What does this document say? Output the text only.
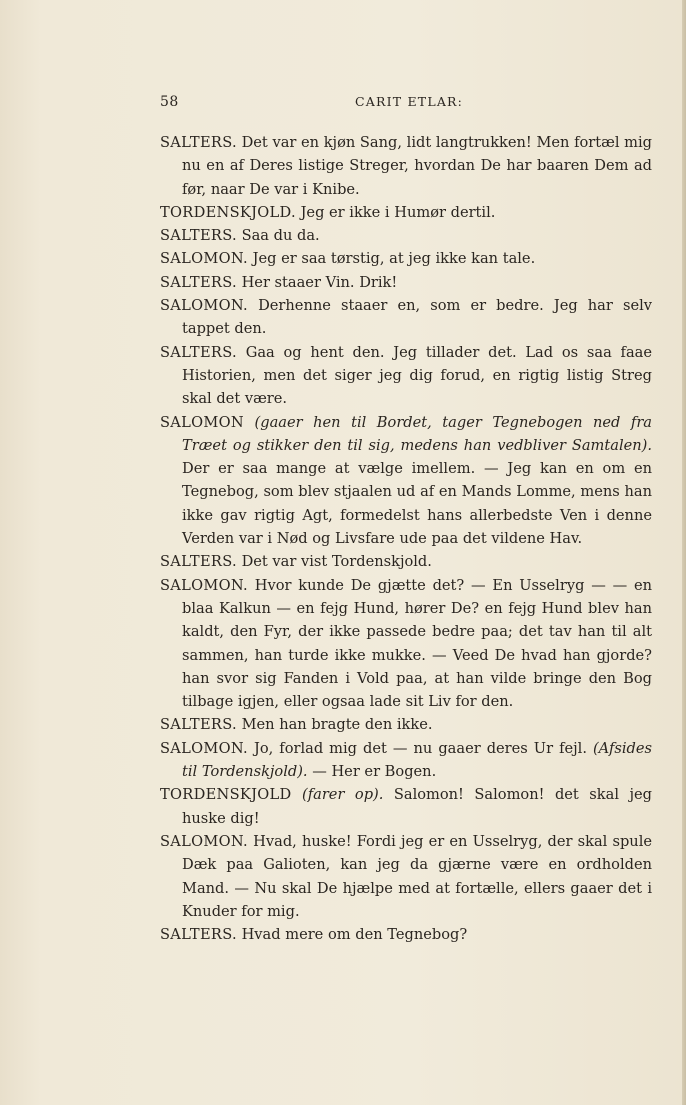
58	CARIT ETLAR:

SALTERS. Det var en kjøn Sang, lidt langtrukken! Men fortæl mig nu en af Deres listige Streger, hvordan De har baaren Dem ad før, naar De var i Knibe.

TORDENSKJOLD. Jeg er ikke i Humør dertil.

SALTERS. Saa du da.

SALOMON. Jeg er saa tørstig, at jeg ikke kan tale.

SALTERS. Her staaer Vin. Drik!

SALOMON. Derhenne staaer en, som er bedre. Jeg har selv tappet den.

SALTERS. Gaa og hent den. Jeg tillader det. Lad os saa faae Historien, men det siger jeg dig forud, en rigtig listig Streg skal det være.

SALOMON (gaaer hen til Bordet, tager Tegnebogen ned fra Træet og stikker den til sig, medens han vedbliver Samtalen). Der er saa mange at vælge imellem. — Jeg kan en om en Tegnebog, som blev stjaalen ud af en Mands Lomme, mens han ikke gav rigtig Agt, formedelst hans allerbedste Ven i denne Verden var i Nød og Livsfare ude paa det vildene Hav.

SALTERS. Det var vist Tordenskjold.

SALOMON. Hvor kunde De gjætte det? — En Usselryg — — en blaa Kalkun — en fejg Hund, hører De? en fejg Hund blev han kaldt, den Fyr, der ikke passede bedre paa; det tav han til alt sammen, han turde ikke mukke. — Veed De hvad han gjorde? han svor sig Fanden i Vold paa, at han vilde bringe den Bog tilbage igjen, eller ogsaa lade sit Liv for den.

SALTERS. Men han bragte den ikke.

SALOMON. Jo, forlad mig det — nu gaaer deres Ur fejl. (Afsides til Tordenskjold). — Her er Bogen.

TORDENSKJOLD (farer op). Salomon! Salomon! det skal jeg huske dig!

SALOMON. Hvad, huske! Fordi jeg er en Usselryg, der skal spule Dæk paa Galioten, kan jeg da gjærne være en ordholden Mand. — Nu skal De hjælpe med at fortælle, ellers gaaer det i Knuder for mig.

SALTERS. Hvad mere om den Tegnebog?
